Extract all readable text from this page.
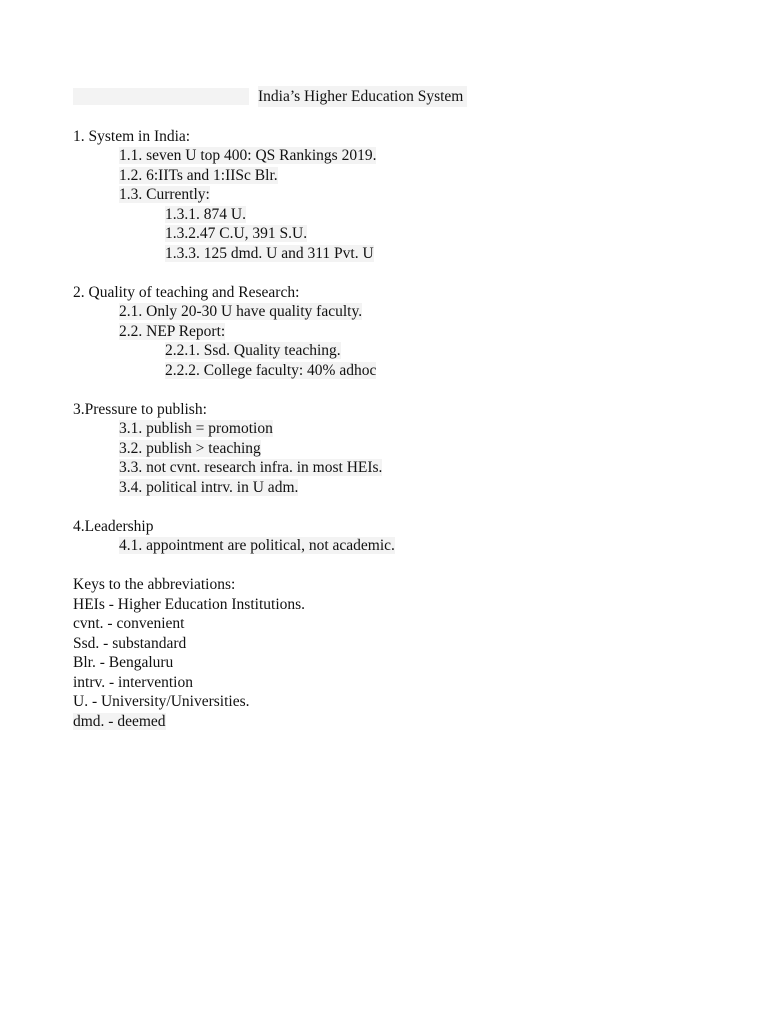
India’s Higher Education System
1. System in India:
1.1. seven U top 400: QS Rankings 2019.
1.2. 6:IITs and 1:IISc Blr.
1.3. Currently:
1.3.1. 874 U.
1.3.2.47 C.U, 391 S.U.
1.3.3. 125 dmd. U and 311 Pvt. U
2. Quality of teaching and Research:
2.1. Only 20-30 U have quality faculty.
2.2. NEP Report:
2.2.1. Ssd. Quality teaching.
2.2.2. College faculty: 40% adhoc
3.Pressure to publish:
3.1. publish = promotion
3.2. publish > teaching
3.3. not cvnt. research infra. in most HEIs.
3.4. political intrv. in U adm.
4.Leadership
4.1. appointment are political, not academic.
Keys to the abbreviations:
HEIs - Higher Education Institutions.
cvnt. - convenient
Ssd. - substandard
Blr. - Bengaluru
intrv. - intervention
U. - University/Universities.
dmd. - deemed
